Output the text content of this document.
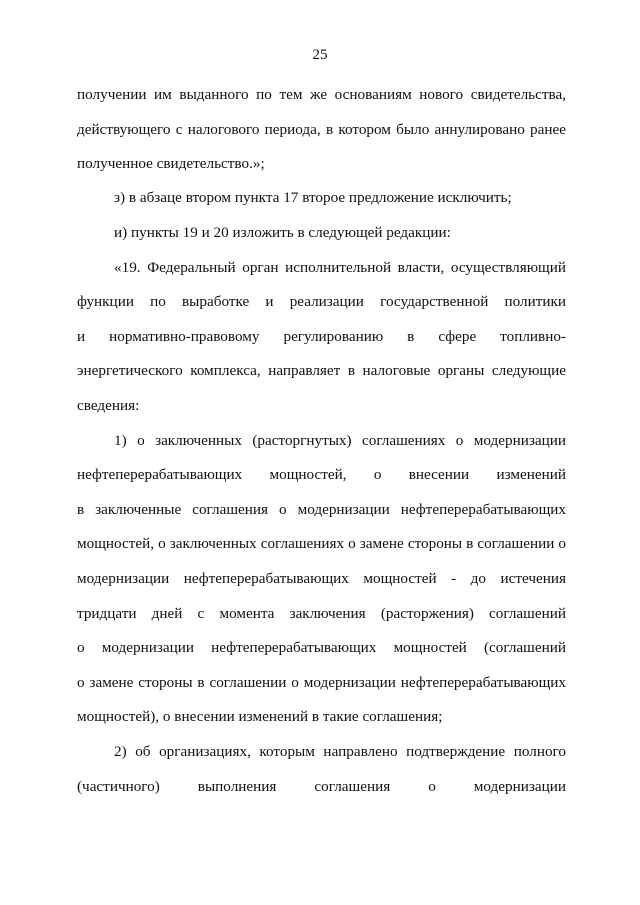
25
получении им выданного по тем же основаниям нового свидетельства,
действующего с налогового периода, в котором было аннулировано ранее
полученное свидетельство.»;
з) в абзаце втором пункта 17 второе предложение исключить;
и) пункты 19 и 20 изложить в следующей редакции:
«19. Федеральный орган исполнительной власти, осуществляющий
функции по выработке и реализации государственной политики
и нормативно-правовому регулированию в сфере топливно-
энергетического комплекса, направляет в налоговые органы следующие
сведения:
1) о заключенных (расторгнутых) соглашениях о модернизации
нефтеперерабатывающих мощностей, о внесении изменений
в заключенные соглашения о модернизации нефтеперерабатывающих
мощностей, о заключенных соглашениях о замене стороны в соглашении о
модернизации нефтеперерабатывающих мощностей - до истечения
тридцати дней с момента заключения (расторжения) соглашений
о модернизации нефтеперерабатывающих мощностей (соглашений
о замене стороны в соглашении о модернизации нефтеперерабатывающих
мощностей), о внесении изменений в такие соглашения;
2) об организациях, которым направлено подтверждение полного
(частичного) выполнения соглашения о модернизации
